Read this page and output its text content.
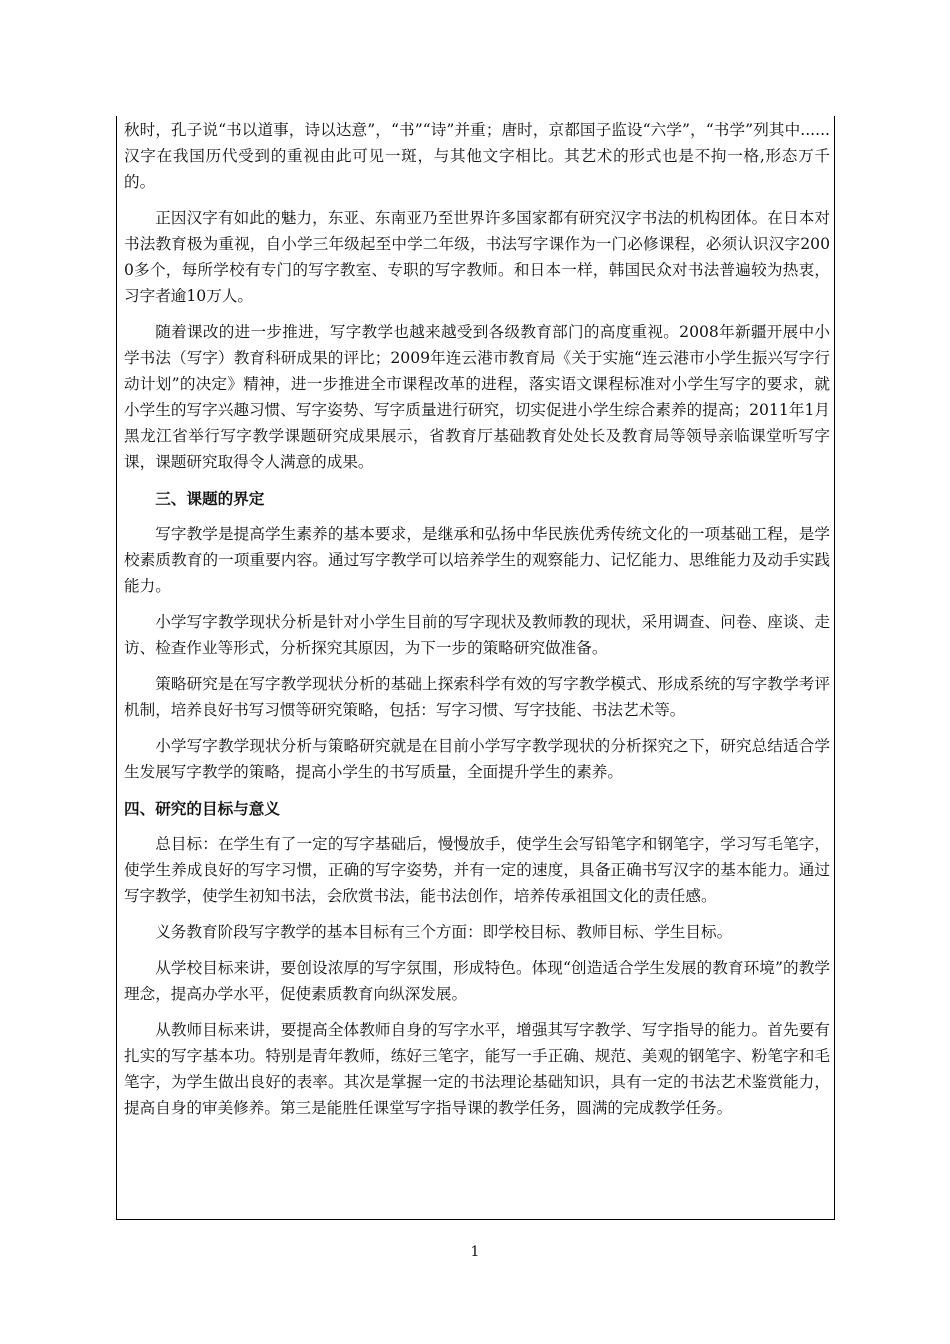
秋时，孔子说“书以道事，诗以达意”，“书”“诗”并重；唐时，京都国子监设“六学”，“书学”列其中......汉字在我国历代受到的重视由此可见一斑，与其他文字相比。其艺术的形式也是不拘一格,形态万千的。

正因汉字有如此的魅力，东亚、东南亚乃至世界许多国家都有研究汉字书法的机构团体。在日本对书法教育极为重视，自小学三年级起至中学二年级，书法写字课作为一门必修课程，必须认识汉字2000多个，每所学校有专门的写字教室、专职的写字教师。和日本一样，韩国民众对书法普遍较为热衷，习字者逾10万人。

随着课改的进一步推进，写字教学也越来越受到各级教育部门的高度重视。2008年新疆开展中小学书法（写字）教育科研成果的评比；2009年连云港市教育局《关于实施“连云港市小学生振兴写字行动计划”的决定》精神，进一步推进全市课程改革的进程，落实语文课程标准对小学生写字的要求，就小学生的写字兴趣习惯、写字姿势、写字质量进行研究，切实促进小学生综合素养的提高；2011年1月黑龙江省举行写字教学课题研究成果展示，省教育厅基础教育处处长及教育局等领导亲临课堂听写字课，课题研究取得令人满意的成果。

三、课题的界定

写字教学是提高学生素养的基本要求，是继承和弘扬中华民族优秀传统文化的一项基础工程，是学校素质教育的一项重要内容。通过写字教学可以培养学生的观察能力、记忆能力、思维能力及动手实践能力。

小学写字教学现状分析是针对小学生目前的写字现状及教师教的现状，采用调查、问卷、座谈、走访、检查作业等形式，分析探究其原因，为下一步的策略研究做准备。

策略研究是在写字教学现状分析的基础上探索科学有效的写字教学模式、形成系统的写字教学考评机制，培养良好书写习惯等研究策略，包括：写字习惯、写字技能、书法艺术等。

小学写字教学现状分析与策略研究就是在目前小学写字教学现状的分析探究之下，研究总结适合学生发展写字教学的策略，提高小学生的书写质量，全面提升学生的素养。

四、研究的目标与意义

总目标：在学生有了一定的写字基础后，慢慢放手，使学生会写铅笔字和钢笔字，学习写毛笔字，使学生养成良好的写字习惯，正确的写字姿势，并有一定的速度，具备正确书写汉字的基本能力。通过写字教学，使学生初知书法，会欣赏书法，能书法创作，培养传承祖国文化的责任感。

义务教育阶段写字教学的基本目标有三个方面：即学校目标、教师目标、学生目标。

从学校目标来讲，要创设浓厚的写字氛围，形成特色。体现“创造适合学生发展的教育环境”的教学理念，提高办学水平，促使素质教育向纵深发展。

从教师目标来讲，要提高全体教师自身的写字水平，增强其写字教学、写字指导的能力。首先要有扎实的写字基本功。特别是青年教师，练好三笔字，能写一手正确、规范、美观的钢笔字、粉笔字和毛笔字，为学生做出良好的表率。其次是掌握一定的书法理论基础知识，具有一定的书法艺术鉴赏能力，提高自身的审美修养。第三是能胜任课堂写字指导课的教学任务，圆满的完成教学任务。

1
